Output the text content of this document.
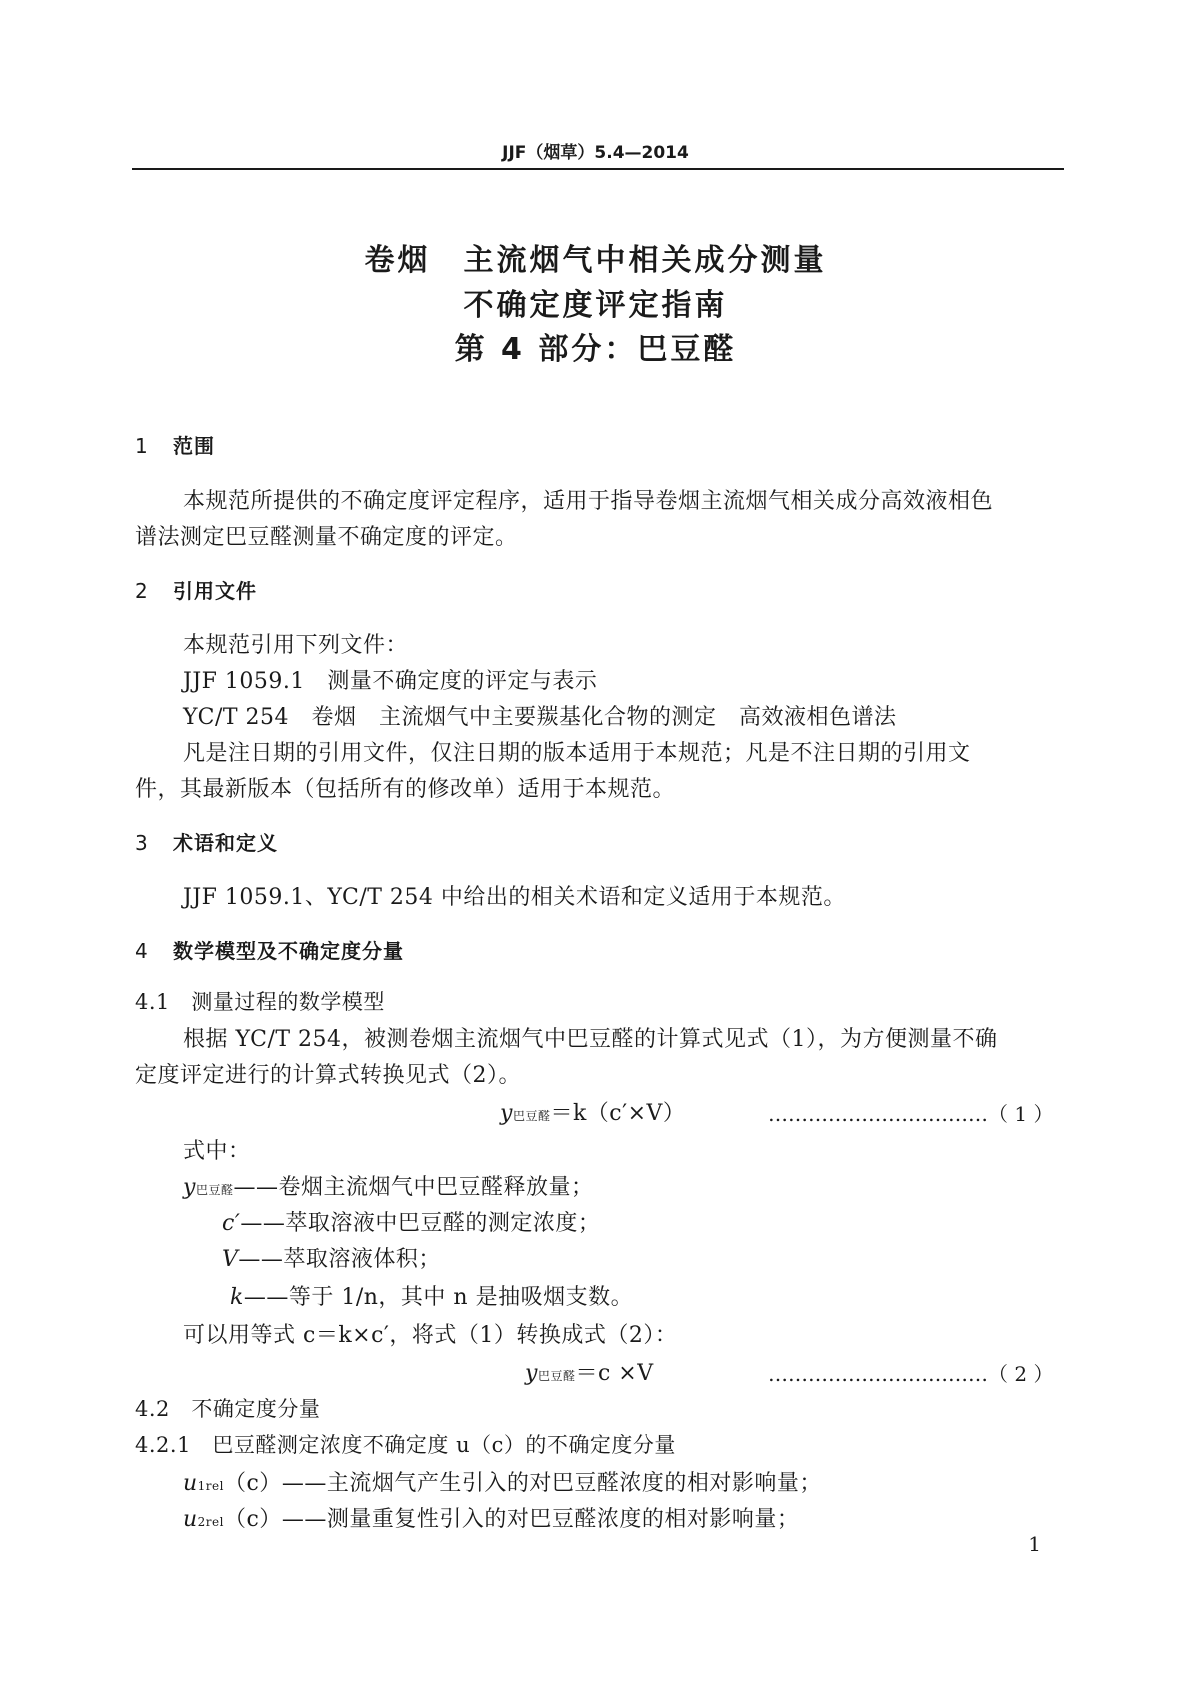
JJF（烟草）5.4—2014
卷烟　主流烟气中相关成分测量
不确定度评定指南
第 4 部分：巴豆醛
1 范围
本规范所提供的不确定度评定程序，适用于指导卷烟主流烟气相关成分高效液相色
谱法测定巴豆醛测量不确定度的评定。
2 引用文件
本规范引用下列文件：
JJF 1059.1　测量不确定度的评定与表示
YC/T 254　卷烟　主流烟气中主要羰基化合物的测定　高效液相色谱法
凡是注日期的引用文件，仅注日期的版本适用于本规范；凡是不注日期的引用文
件，其最新版本（包括所有的修改单）适用于本规范。
3 术语和定义
JJF 1059.1、YC/T 254 中给出的相关术语和定义适用于本规范。
4 数学模型及不确定度分量
4.1　测量过程的数学模型
根据 YC/T 254，被测卷烟主流烟气中巴豆醛的计算式见式（1），为方便测量不确
定度评定进行的计算式转换见式（2）。
y巴豆醛＝k（c′×V）	……………………………（ 1 ）
式中：
y巴豆醛——卷烟主流烟气中巴豆醛释放量；
c′——萃取溶液中巴豆醛的测定浓度；
V——萃取溶液体积；
k——等于 1/n，其中 n 是抽吸烟支数。
可以用等式 c＝k×c′，将式（1）转换成式（2）：
y巴豆醛＝c ×V	……………………………（ 2 ）
4.2　不确定度分量
4.2.1　巴豆醛测定浓度不确定度 u（c）的不确定度分量
u1rel（c）——主流烟气产生引入的对巴豆醛浓度的相对影响量；
u2rel（c）——测量重复性引入的对巴豆醛浓度的相对影响量；
1
